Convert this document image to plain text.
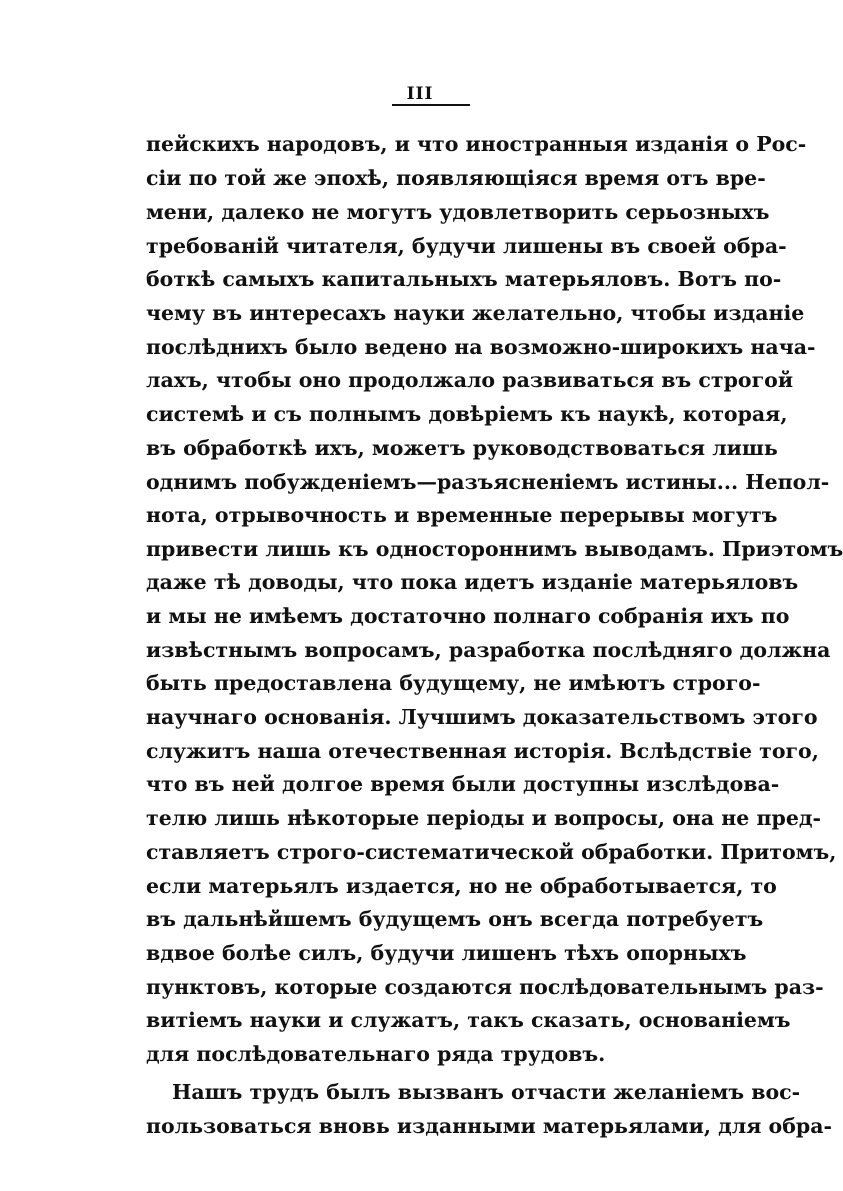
III
пейскихъ народовъ, и что иностранныя изданія о Рос-
сіи по той же эпохѣ, появляющіяся время отъ вре-
мени, далеко не могутъ удовлетворить серьозныхъ
требованій читателя, будучи лишены въ своей обра-
боткѣ самыхъ капитальныхъ матерьяловъ. Вотъ по-
чему въ интересахъ науки желательно, чтобы изданіе
послѣднихъ было ведено на возможно-широкихъ нача-
лахъ, чтобы оно продолжало развиваться въ строгой
системѣ и съ полнымъ довѣріемъ къ наукѣ, которая,
въ обработкѣ ихъ, можетъ руководствоваться лишь
однимъ побужденіемъ—разъясненіемъ истины... Непол-
нота, отрывочность и временные перерывы могутъ
привести лишь къ одностороннимъ выводамъ. Приэтомъ
даже тѣ доводы, что пока идетъ изданіе матерьяловъ
и мы не имѣемъ достаточно полнаго собранія ихъ по
извѣстнымъ вопросамъ, разработка послѣдняго должна
быть предоставлена будущему, не имѣютъ строго-
научнаго основанія. Лучшимъ доказательствомъ этого
служитъ наша отечественная исторія. Вслѣдствіе того,
что въ ней долгое время были доступны изслѣдова-
телю лишь нѣкоторые періоды и вопросы, она не пред-
ставляетъ строго-систематической обработки. Притомъ,
если матерьялъ издается, но не обработывается, то
въ дальнѣйшемъ будущемъ онъ всегда потребуетъ
вдвое болѣе силъ, будучи лишенъ тѣхъ опорныхъ
пунктовъ, которые создаются послѣдовательнымъ раз-
витіемъ науки и служатъ, такъ сказать, основаніемъ
для послѣдовательнаго ряда трудовъ.
Нашъ трудъ былъ вызванъ отчасти желаніемъ вос-
пользоваться вновь изданными матерьялами, для обра-
